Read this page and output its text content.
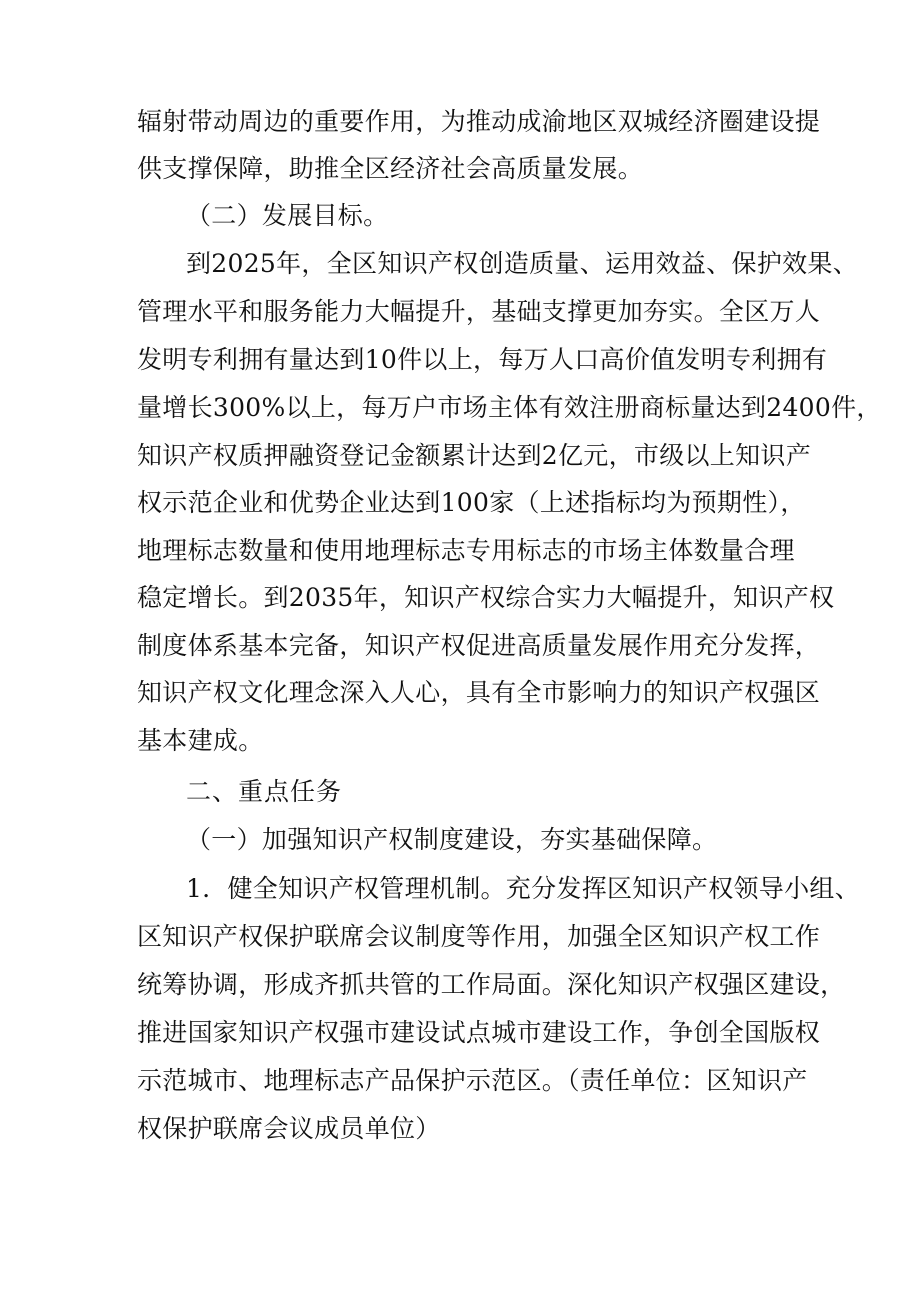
辐射带动周边的重要作用，为推动成渝地区双城经济圈建设提
供支撑保障，助推全区经济社会高质量发展。
（二）发展目标。
到2025年，全区知识产权创造质量、运用效益、保护效果、
管理水平和服务能力大幅提升，基础支撑更加夯实。全区万人
发明专利拥有量达到10件以上，每万人口高价值发明专利拥有
量增长300%以上，每万户市场主体有效注册商标量达到2400件，
知识产权质押融资登记金额累计达到2亿元，市级以上知识产
权示范企业和优势企业达到100家（上述指标均为预期性），
地理标志数量和使用地理标志专用标志的市场主体数量合理
稳定增长。到2035年，知识产权综合实力大幅提升，知识产权
制度体系基本完备，知识产权促进高质量发展作用充分发挥，
知识产权文化理念深入人心，具有全市影响力的知识产权强区
基本建成。
二、重点任务
（一）加强知识产权制度建设，夯实基础保障。
1．健全知识产权管理机制。充分发挥区知识产权领导小组、
区知识产权保护联席会议制度等作用，加强全区知识产权工作
统筹协调，形成齐抓共管的工作局面。深化知识产权强区建设，
推进国家知识产权强市建设试点城市建设工作，争创全国版权
示范城市、地理标志产品保护示范区。（责任单位：区知识产
权保护联席会议成员单位）
